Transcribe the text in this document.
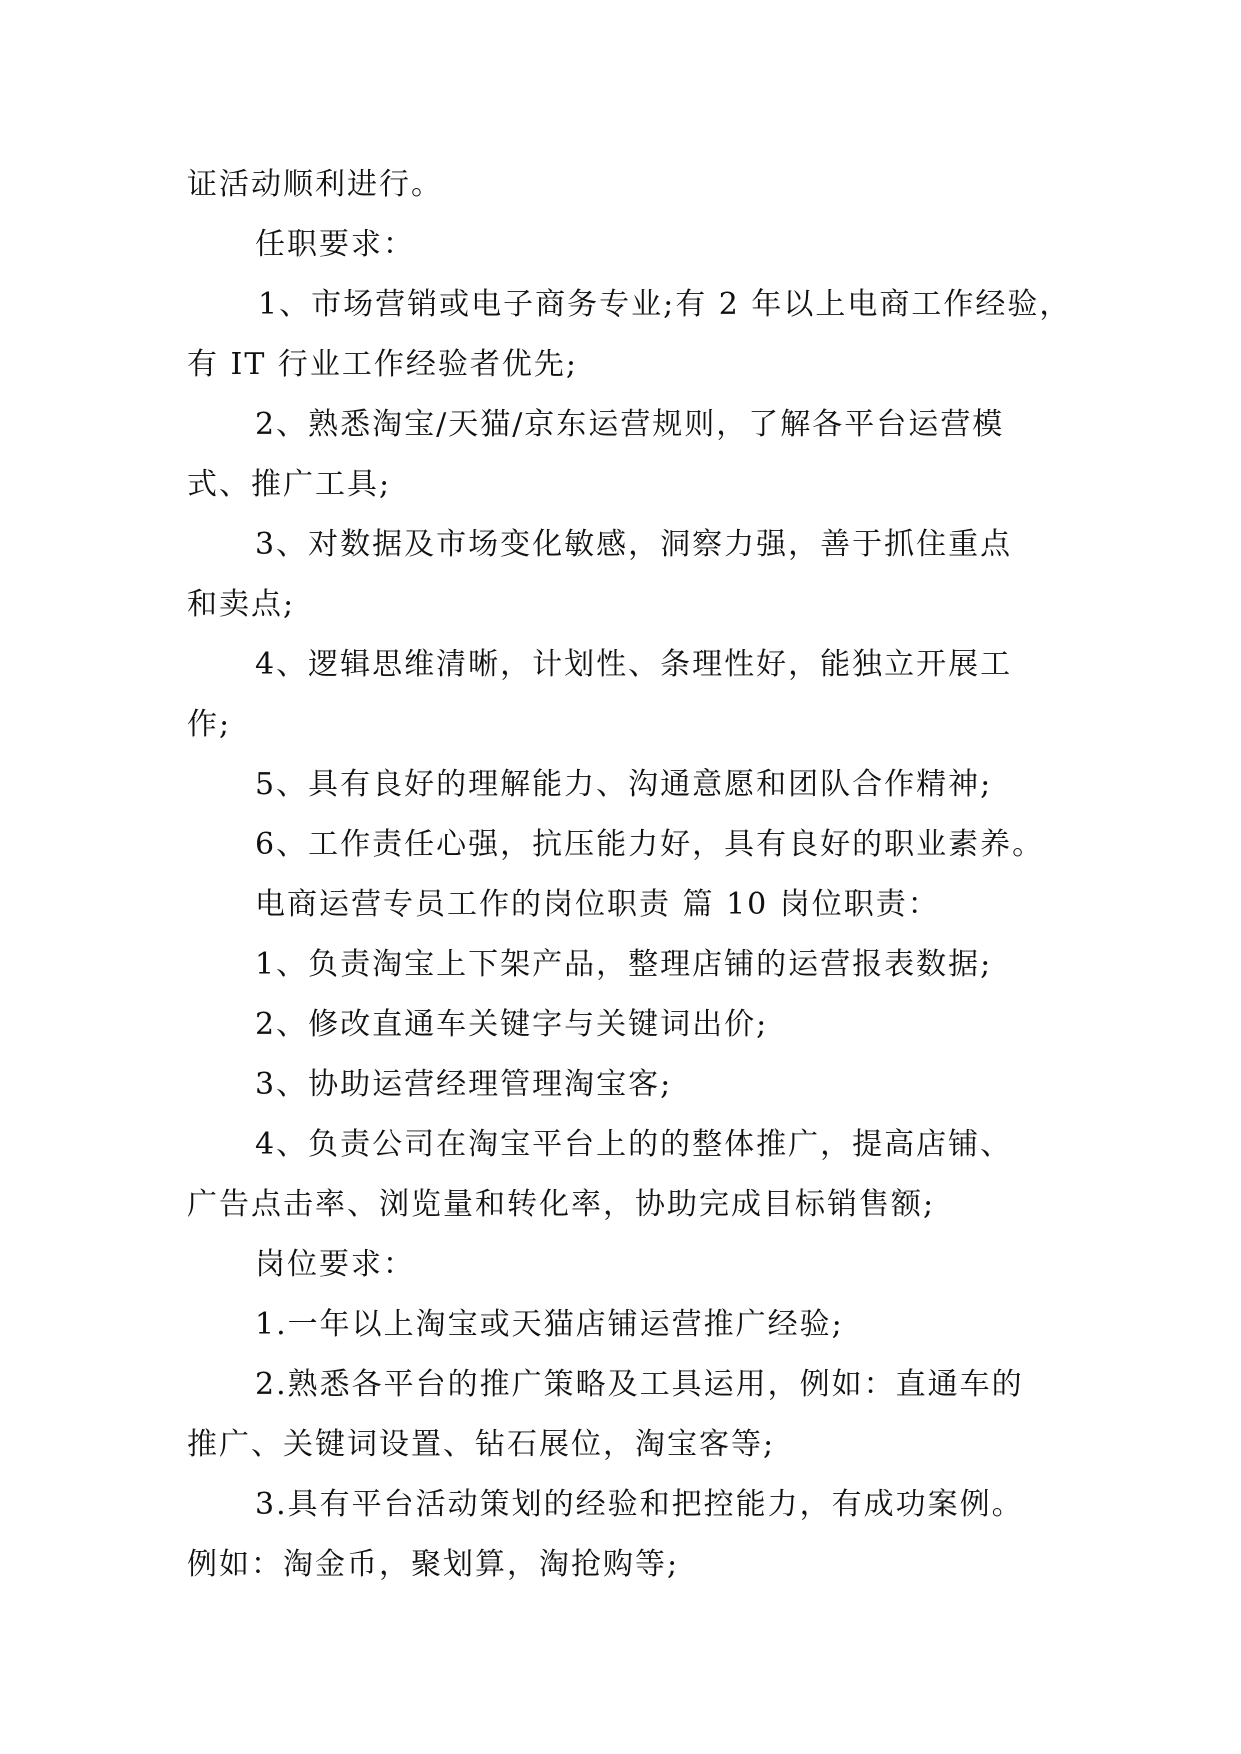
证活动顺利进行。
任职要求：
1、市场营销或电子商务专业;有 2 年以上电商工作经验，
有 IT 行业工作经验者优先;
2、熟悉淘宝/天猫/京东运营规则，了解各平台运营模
式、推广工具;
3、对数据及市场变化敏感，洞察力强，善于抓住重点
和卖点;
4、逻辑思维清晰，计划性、条理性好，能独立开展工
作;
5、具有良好的理解能力、沟通意愿和团队合作精神;
6、工作责任心强，抗压能力好，具有良好的职业素养。
电商运营专员工作的岗位职责 篇 10 岗位职责：
1、负责淘宝上下架产品，整理店铺的运营报表数据;
2、修改直通车关键字与关键词出价;
3、协助运营经理管理淘宝客;
4、负责公司在淘宝平台上的的整体推广，提高店铺、
广告点击率、浏览量和转化率，协助完成目标销售额;
岗位要求：
1.一年以上淘宝或天猫店铺运营推广经验;
2.熟悉各平台的推广策略及工具运用，例如：直通车的
推广、关键词设置、钻石展位，淘宝客等;
3.具有平台活动策划的经验和把控能力，有成功案例。
例如：淘金币，聚划算，淘抢购等;
